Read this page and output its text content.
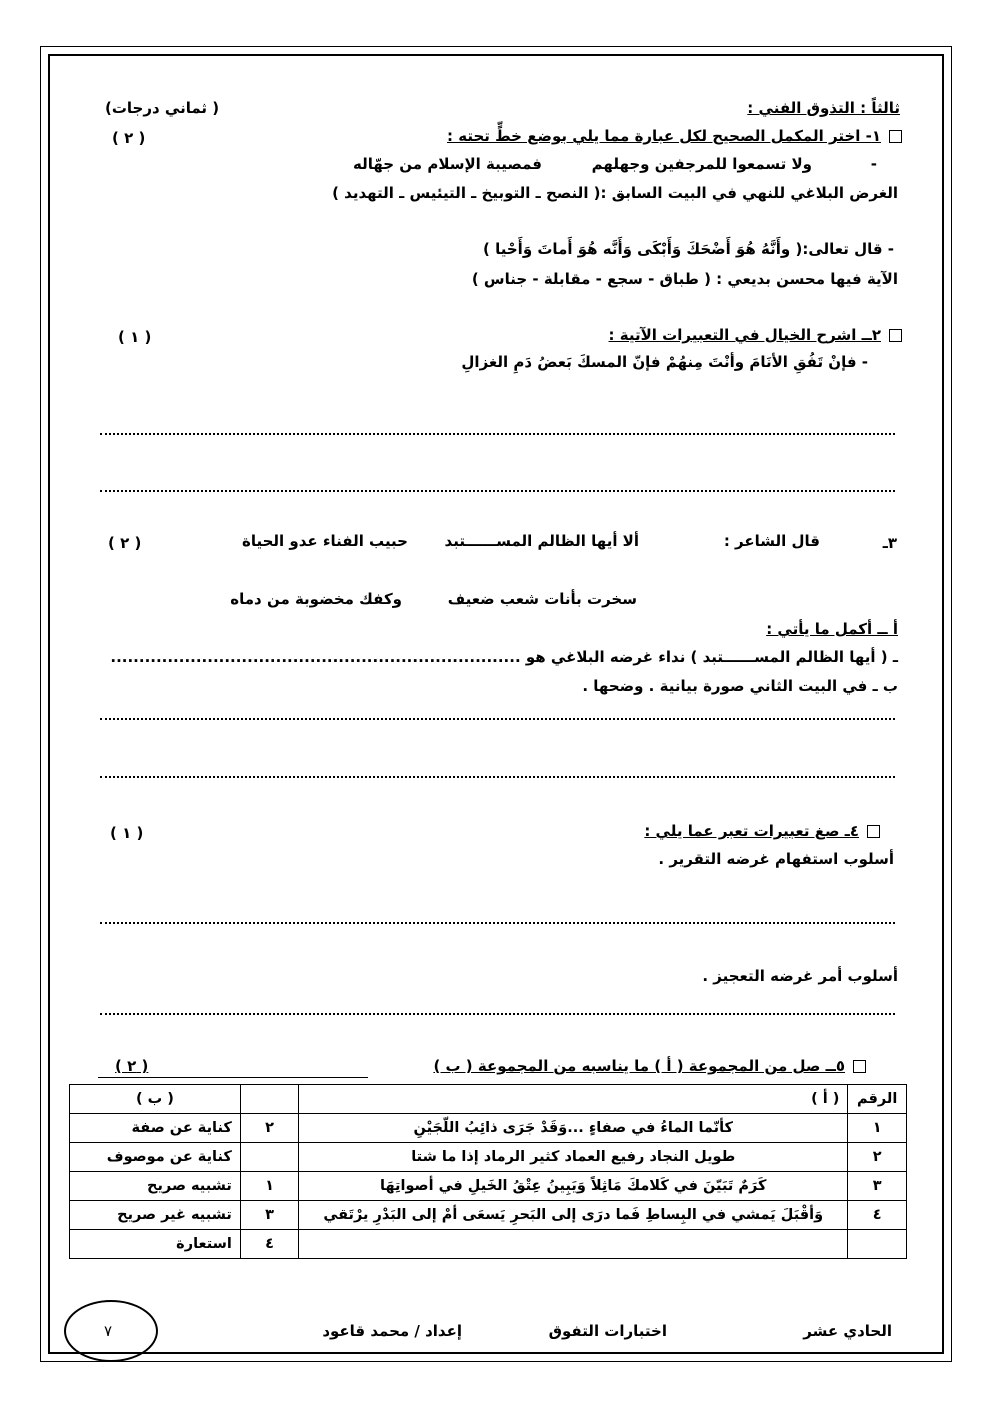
ثالثاً : التذوق الفني :
( ثماني درجات)
١- اختر المكمل الصحيح لكل عبارة مما يلي بوضع خطٍّ تحته :
( ٢ )
-
ولا تسمعوا للمرجفين وجهلهم
فمصيبة الإسلام من جهّاله
الغرض البلاغي للنهي في البيت السابق :( النصح ـ التوبيخ ـ التيئيس ـ التهديد )
- قال تعالى:( وأَنَّهُ هُوَ أَضْحَكَ وَأَبْكَى وَأَنَّه هُوَ أَماتَ وَأَحْيا )
الآية فيها محسن بديعي : ( طباق - سجع - مقابلة - جناس )
٢ــ اشرح الخيال في التعبيرات الآتية :
( ١ )
- فإنْ تَفُقِ الأنَامَ وأنْتَ مِنهُمْ فإنّ المسكَ بَعضُ دَمِ الغزالِ
٣ـ
قال الشاعر :
ألا أيها الظالم المســــــتبد
حبيب الفناء عدو الحياة
( ٢ )
سخرت بأنات شعب ضعيف
وكفك مخضوبة من دماه
أ ــ أكمل ما يأتي :
ـ ( أيها الظالم المســــــتبد ) نداء غرضه البلاغي هو ........................................................................
ب ـ في البيت الثاني صورة بيانية . وضحها .
٤ـ صغ تعبيرات تعبر عما يلي :
( ١ )
أسلوب استفهام غرضه التقرير .
أسلوب أمر غرضه التعجيز .
٥ــ صل من المجموعة ( أ ) ما يناسبه من المجموعة ( ب )
( ٢ )
الرقم	( أ )		( ب )
١	كأنّما الماءُ في صفاءٍ ...وَقَدْ جَرَى ذائِبُ اللّجَيْنِ	٢	كناية عن صفة
٢	طويل النجاد رفيع العماد كثير الرماد إذا ما شتا		كناية عن موصوف
٣	كَرَمٌ تَبَيّنَ في كَلامكَ مَاثِلاً وَيَبِينُ عِتْقُ الخَيلِ في أصواتِهَا	١	تشبيه صريح
٤	وَأقْبَلَ يَمشي في البِساطِ فَما درَى إلى البَحرِ يَسعَى أمْ إلى البَدْرِ يرْتَقي	٣	تشبيه غير صريح
		٤	استعارة
الحادي عشر
اختبارات التفوق
إعداد / محمد قاعود
٧
